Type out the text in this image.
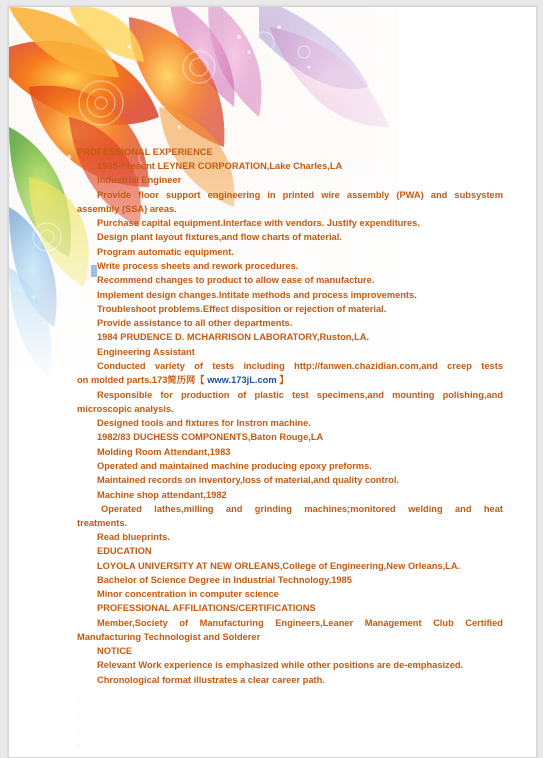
PROFESSIONAL EXPERIENCE
1985-Present LEYNER CORPORATION,Lake Charles,LA
Industrial Engineer
Provide floor support engineering in printed wire assembly (PWA) and subsystem
assembly (SSA) areas.
Purchase capital equipment.Interface with vendors. Justify expenditures.
Design plant layout fixtures,and flow charts of material.
Program automatic equipment.
Write process sheets and rework procedures.
Recommend changes to product to allow ease of manufacture.
Implement design changes.Intitate methods and process improvements.
Troubleshoot problems.Effect disposition or rejection of material.
Provide assistance to all other departments.
1984 PRUDENCE D. MCHARRISON LABORATORY,Ruston,LA.
Engineering Assistant
Conducted variety of tests including http://fanwen.chazidian.com,and creep tests
on molded parts.173简历网【 www.173jL.com 】
Responsible for production of plastic test specimens,and mounting polishing,and
microscopic analysis.
Designed tools and fixtures for Instron machine.
1982/83 DUCHESS COMPONENTS,Baton Rouge,LA
Molding Room Attendant,1983
Operated and maintained machine producing epoxy preforms.
Maintained records on inventory,loss of material,and quality control.
Machine shop attendant,1982
Operated lathes,milling and grinding machines;monitored welding and heat
treatments.
Read blueprints.
EDUCATION
LOYOLA UNIVERSITY AT NEW ORLEANS,College of Engineering,New Orleans,LA.
Bachelor of Science Degree in Industrial Technology,1985
Minor concentration in computer science
PROFESSIONAL AFFILIATIONS/CERTIFICATIONS
Member,Society of Manufacturing Engineers,Leaner Management Club Certified
Manufacturing Technologist and Solderer
NOTICE
Relevant Work experience is emphasized while other positions are de-emphasized.
Chronological format illustrates a clear career path.
.
.
.
.
